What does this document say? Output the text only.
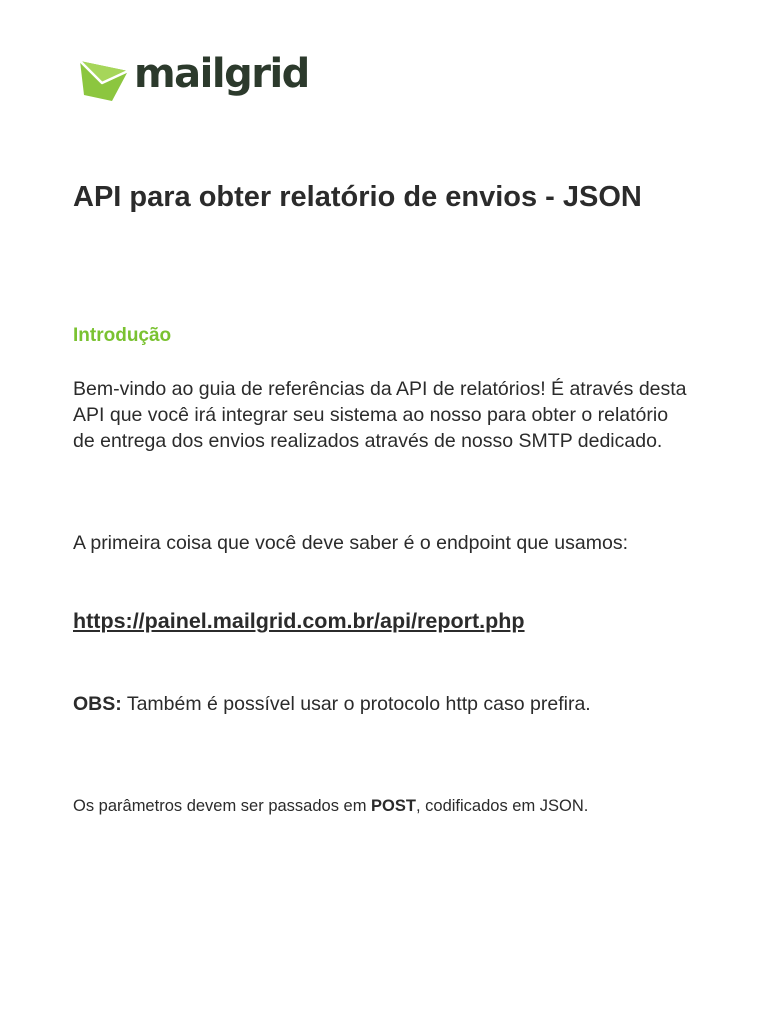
mailgrid
API para obter relatório de envios - JSON
Introdução

Bem-vindo ao guia de referências da API de relatórios! É através desta API que você irá integrar seu sistema ao nosso para obter o relatório de entrega dos envios realizados através de nosso SMTP dedicado.

A primeira coisa que você deve saber é o endpoint que usamos:

https://painel.mailgrid.com.br/api/report.php

OBS: Também é possível usar o protocolo http caso prefira.

Os parâmetros devem ser passados em POST, codificados em JSON.
